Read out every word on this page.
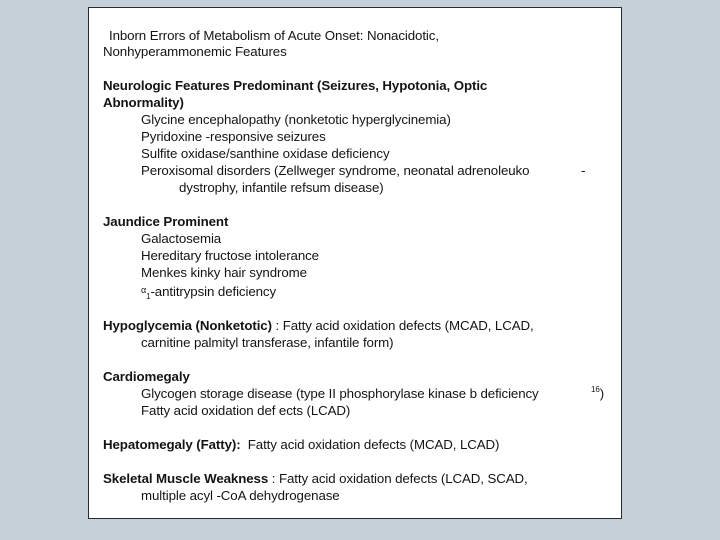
Inborn Errors of Metabolism of Acute Onset: Nonacidotic,
Nonhyperammonemic Features
Neurologic Features Predominant (Seizures, Hypotonia, Optic
Abnormality)
Glycine encephalopathy (nonketotic hyperglycinemia)
Pyridoxine -responsive seizures
Sulfite oxidase/santhine oxidase deficiency
Peroxisomal disorders (Zellweger syndrome, neonatal adrenoleuko	-
dystrophy, infantile refsum disease)
Jaundice Prominent
Galactosemia
Hereditary fructose intolerance
Menkes kinky hair syndrome
$^\alpha_1$-antitrypsin deficiency
Hypoglycemia (Nonketotic) : Fatty acid oxidation defects (MCAD, LCAD,
carnitine palmityl transferase, infantile form)
Cardiomegaly
Glycogen storage disease (type II phosphorylase kinase b deficiency	$^{16}$)
Fatty acid oxidation def ects (LCAD)
Hepatomegaly (Fatty): Fatty acid oxidation defects (MCAD, LCAD)
Skeletal Muscle Weakness : Fatty acid oxidation defects (LCAD, SCAD,
multiple acyl -CoA dehydrogenase
